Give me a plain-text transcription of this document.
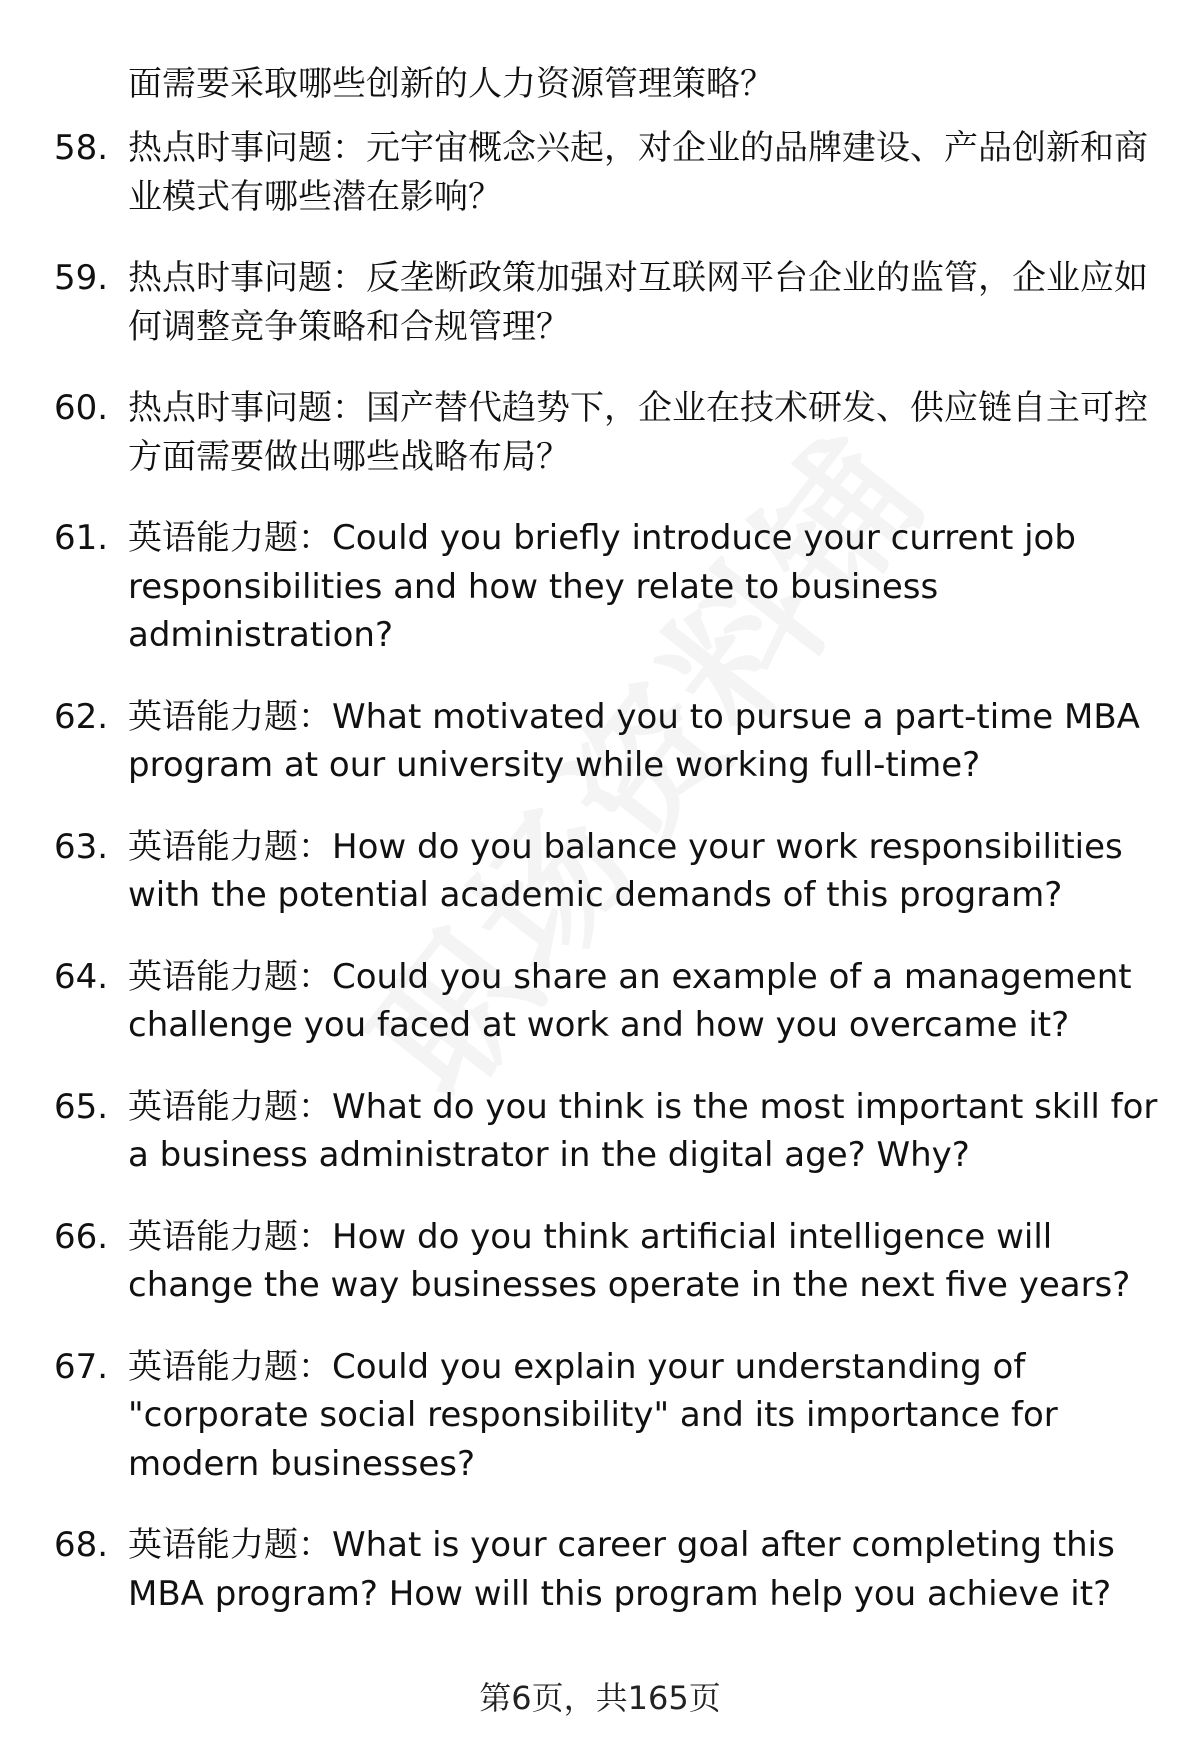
面需要采取哪些创新的人力资源管理策略？

58. 热点时事问题：元宇宙概念兴起，对企业的品牌建设、产品创新和商业模式有哪些潜在影响？
59. 热点时事问题：反垄断政策加强对互联网平台企业的监管，企业应如何调整竞争策略和合规管理？
60. 热点时事问题：国产替代趋势下，企业在技术研发、供应链自主可控方面需要做出哪些战略布局？
61. 英语能力题：Could you briefly introduce your current job responsibilities and how they relate to business administration?
62. 英语能力题：What motivated you to pursue a part-time MBA program at our university while working full-time?
63. 英语能力题：How do you balance your work responsibilities with the potential academic demands of this program?
64. 英语能力题：Could you share an example of a management challenge you faced at work and how you overcame it?
65. 英语能力题：What do you think is the most important skill for a business administrator in the digital age? Why?
66. 英语能力题：How do you think artificial intelligence will change the way businesses operate in the next five years?
67. 英语能力题：Could you explain your understanding of "corporate social responsibility" and its importance for modern businesses?
68. 英语能力题：What is your career goal after completing this MBA program? How will this program help you achieve it?
第6页，共165页
